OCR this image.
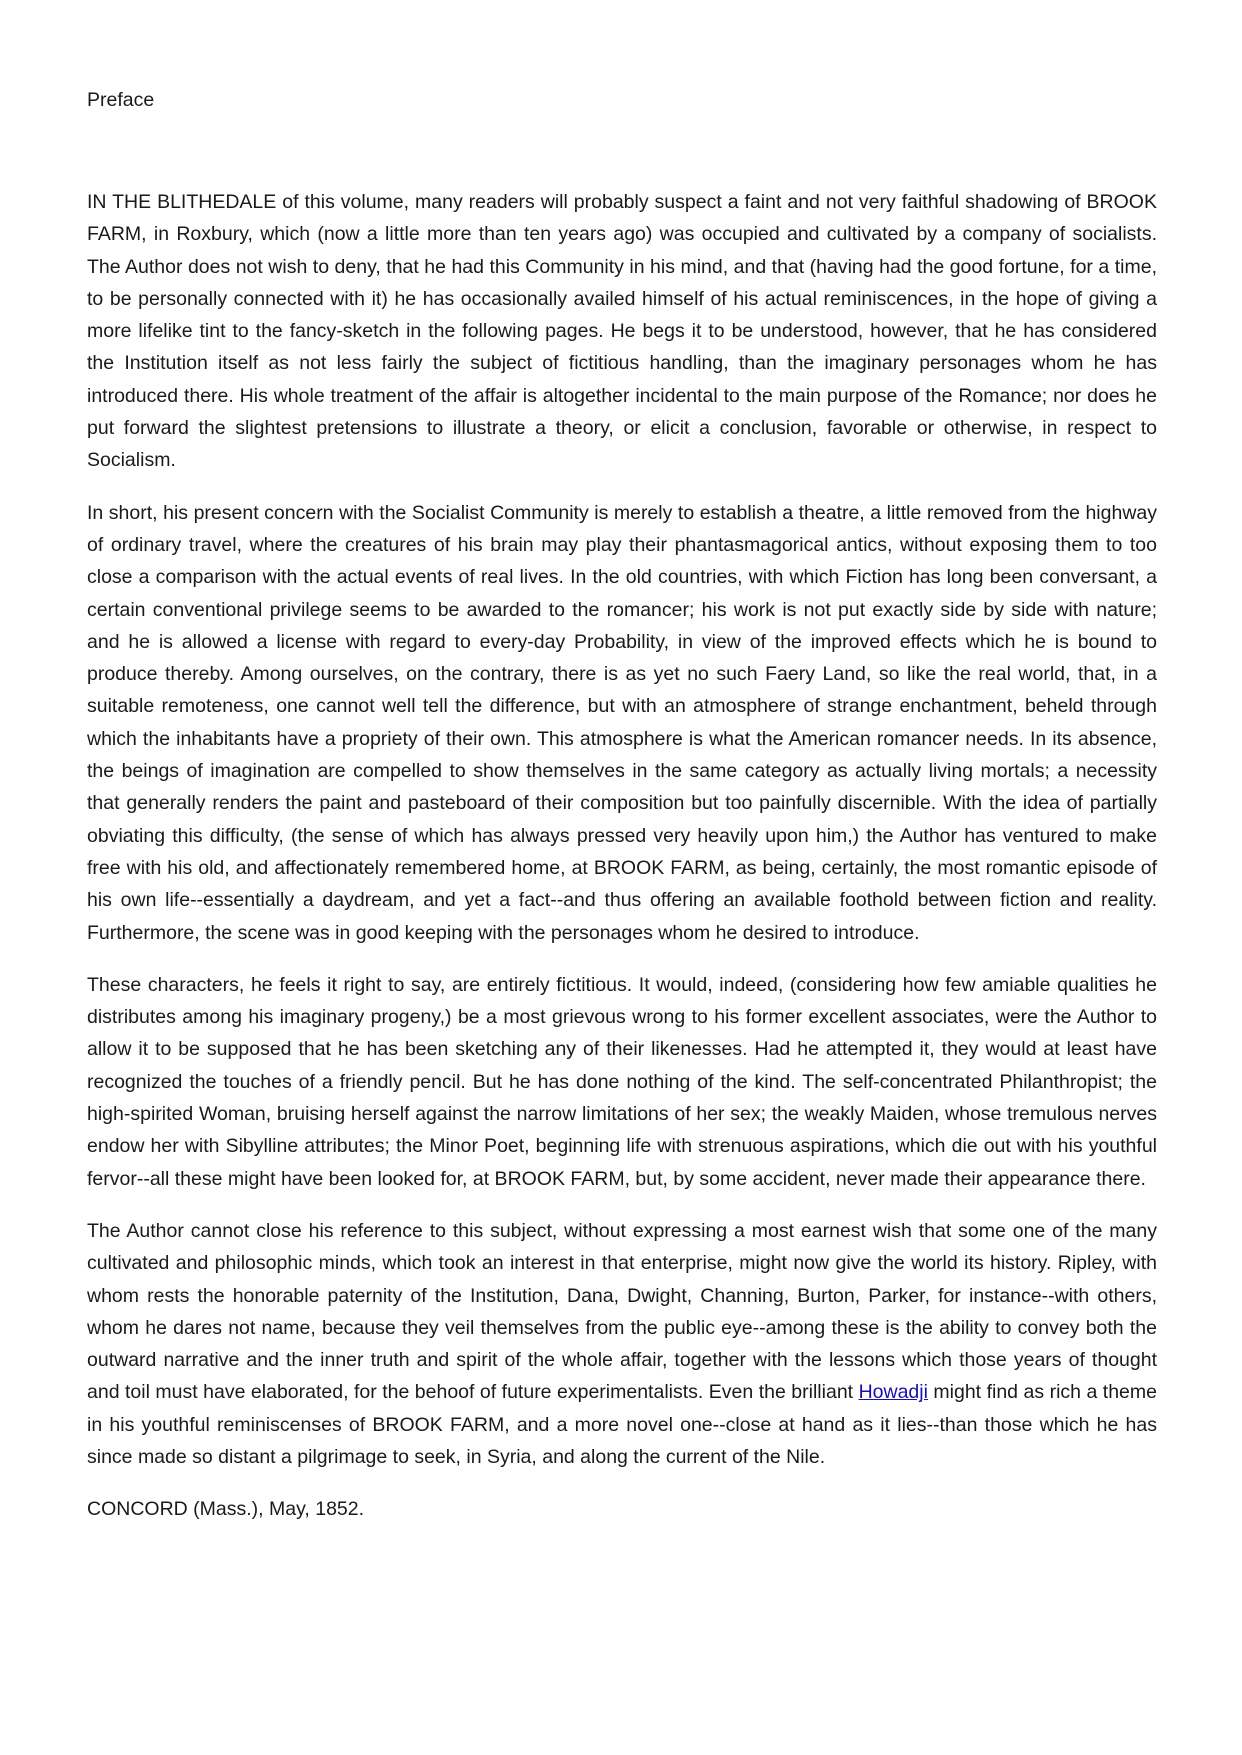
Preface

IN THE BLITHEDALE of this volume, many readers will probably suspect a faint and not very faithful shadowing of BROOK FARM, in Roxbury, which (now a little more than ten years ago) was occupied and cultivated by a company of socialists. The Author does not wish to deny, that he had this Community in his mind, and that (having had the good fortune, for a time, to be personally connected with it) he has occasionally availed himself of his actual reminiscences, in the hope of giving a more lifelike tint to the fancy-sketch in the following pages. He begs it to be understood, however, that he has considered the Institution itself as not less fairly the subject of fictitious handling, than the imaginary personages whom he has introduced there. His whole treatment of the affair is altogether incidental to the main purpose of the Romance; nor does he put forward the slightest pretensions to illustrate a theory, or elicit a conclusion, favorable or otherwise, in respect to Socialism.

In short, his present concern with the Socialist Community is merely to establish a theatre, a little removed from the highway of ordinary travel, where the creatures of his brain may play their phantasmagorical antics, without exposing them to too close a comparison with the actual events of real lives. In the old countries, with which Fiction has long been conversant, a certain conventional privilege seems to be awarded to the romancer; his work is not put exactly side by side with nature; and he is allowed a license with regard to every-day Probability, in view of the improved effects which he is bound to produce thereby. Among ourselves, on the contrary, there is as yet no such Faery Land, so like the real world, that, in a suitable remoteness, one cannot well tell the difference, but with an atmosphere of strange enchantment, beheld through which the inhabitants have a propriety of their own. This atmosphere is what the American romancer needs. In its absence, the beings of imagination are compelled to show themselves in the same category as actually living mortals; a necessity that generally renders the paint and pasteboard of their composition but too painfully discernible. With the idea of partially obviating this difficulty, (the sense of which has always pressed very heavily upon him,) the Author has ventured to make free with his old, and affectionately remembered home, at BROOK FARM, as being, certainly, the most romantic episode of his own life--essentially a daydream, and yet a fact--and thus offering an available foothold between fiction and reality. Furthermore, the scene was in good keeping with the personages whom he desired to introduce.

These characters, he feels it right to say, are entirely fictitious. It would, indeed, (considering how few amiable qualities he distributes among his imaginary progeny,) be a most grievous wrong to his former excellent associates, were the Author to allow it to be supposed that he has been sketching any of their likenesses. Had he attempted it, they would at least have recognized the touches of a friendly pencil. But he has done nothing of the kind. The self-concentrated Philanthropist; the high-spirited Woman, bruising herself against the narrow limitations of her sex; the weakly Maiden, whose tremulous nerves endow her with Sibylline attributes; the Minor Poet, beginning life with strenuous aspirations, which die out with his youthful fervor--all these might have been looked for, at BROOK FARM, but, by some accident, never made their appearance there.

The Author cannot close his reference to this subject, without expressing a most earnest wish that some one of the many cultivated and philosophic minds, which took an interest in that enterprise, might now give the world its history. Ripley, with whom rests the honorable paternity of the Institution, Dana, Dwight, Channing, Burton, Parker, for instance--with others, whom he dares not name, because they veil themselves from the public eye--among these is the ability to convey both the outward narrative and the inner truth and spirit of the whole affair, together with the lessons which those years of thought and toil must have elaborated, for the behoof of future experimentalists. Even the brilliant Howadji might find as rich a theme in his youthful reminiscenses of BROOK FARM, and a more novel one--close at hand as it lies--than those which he has since made so distant a pilgrimage to seek, in Syria, and along the current of the Nile.

CONCORD (Mass.), May, 1852.
